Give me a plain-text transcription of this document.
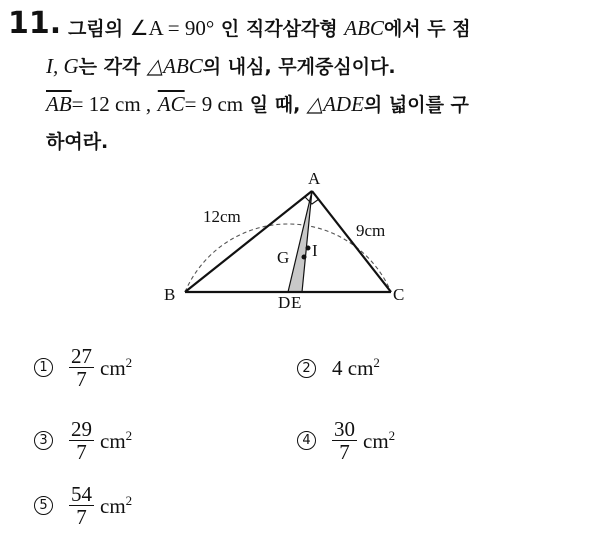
11. 그림의 ∠A = 90° 인 직각삼각형 ABC에서 두 점
I, G는 각각 △ABC의 내심, 무게중심이다.
$\overline{AB}= 12$ cm , $\overline{AC}= 9$ cm 일 때, △ADE의 넓이를 구
하여라.
A
B	C
D E
G I
12cm
9cm
$1 \frac{27}{7} cm^2$	2 4 $cm^2$
$3 \frac{29}{7} cm^2$	$4 \frac{30}{7} cm^2$
$5 \frac{54}{7} cm^2$
